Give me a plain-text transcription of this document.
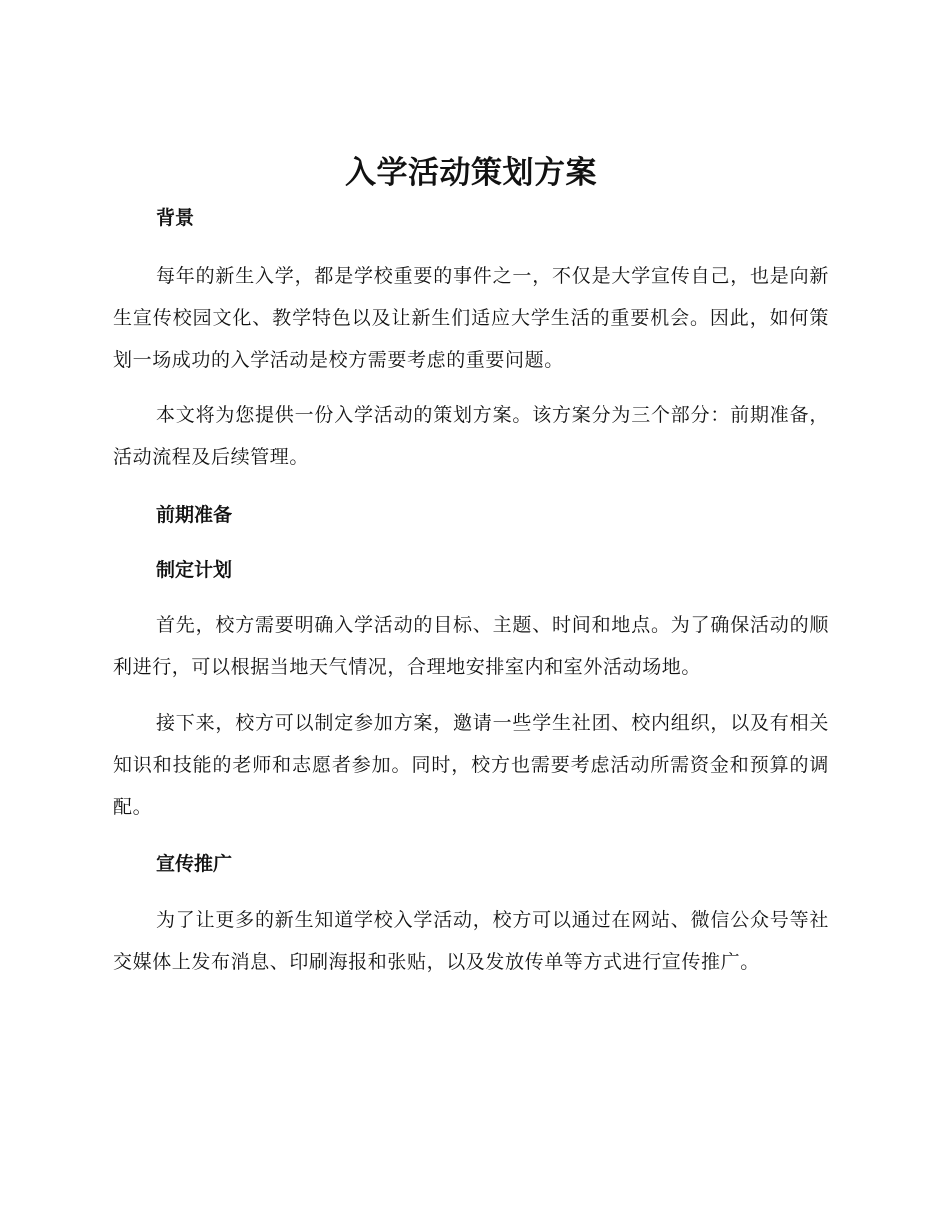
入学活动策划方案
背景

每年的新生入学，都是学校重要的事件之一，不仅是大学宣传自己，也是向新生宣传校园文化、教学特色以及让新生们适应大学生活的重要机会。因此，如何策划一场成功的入学活动是校方需要考虑的重要问题。

本文将为您提供一份入学活动的策划方案。该方案分为三个部分：前期准备，活动流程及后续管理。

前期准备
制定计划

首先，校方需要明确入学活动的目标、主题、时间和地点。为了确保活动的顺利进行，可以根据当地天气情况，合理地安排室内和室外活动场地。

接下来，校方可以制定参加方案，邀请一些学生社团、校内组织，以及有相关知识和技能的老师和志愿者参加。同时，校方也需要考虑活动所需资金和预算的调配。

宣传推广

为了让更多的新生知道学校入学活动，校方可以通过在网站、微信公众号等社交媒体上发布消息、印刷海报和张贴，以及发放传单等方式进行宣传推广。
